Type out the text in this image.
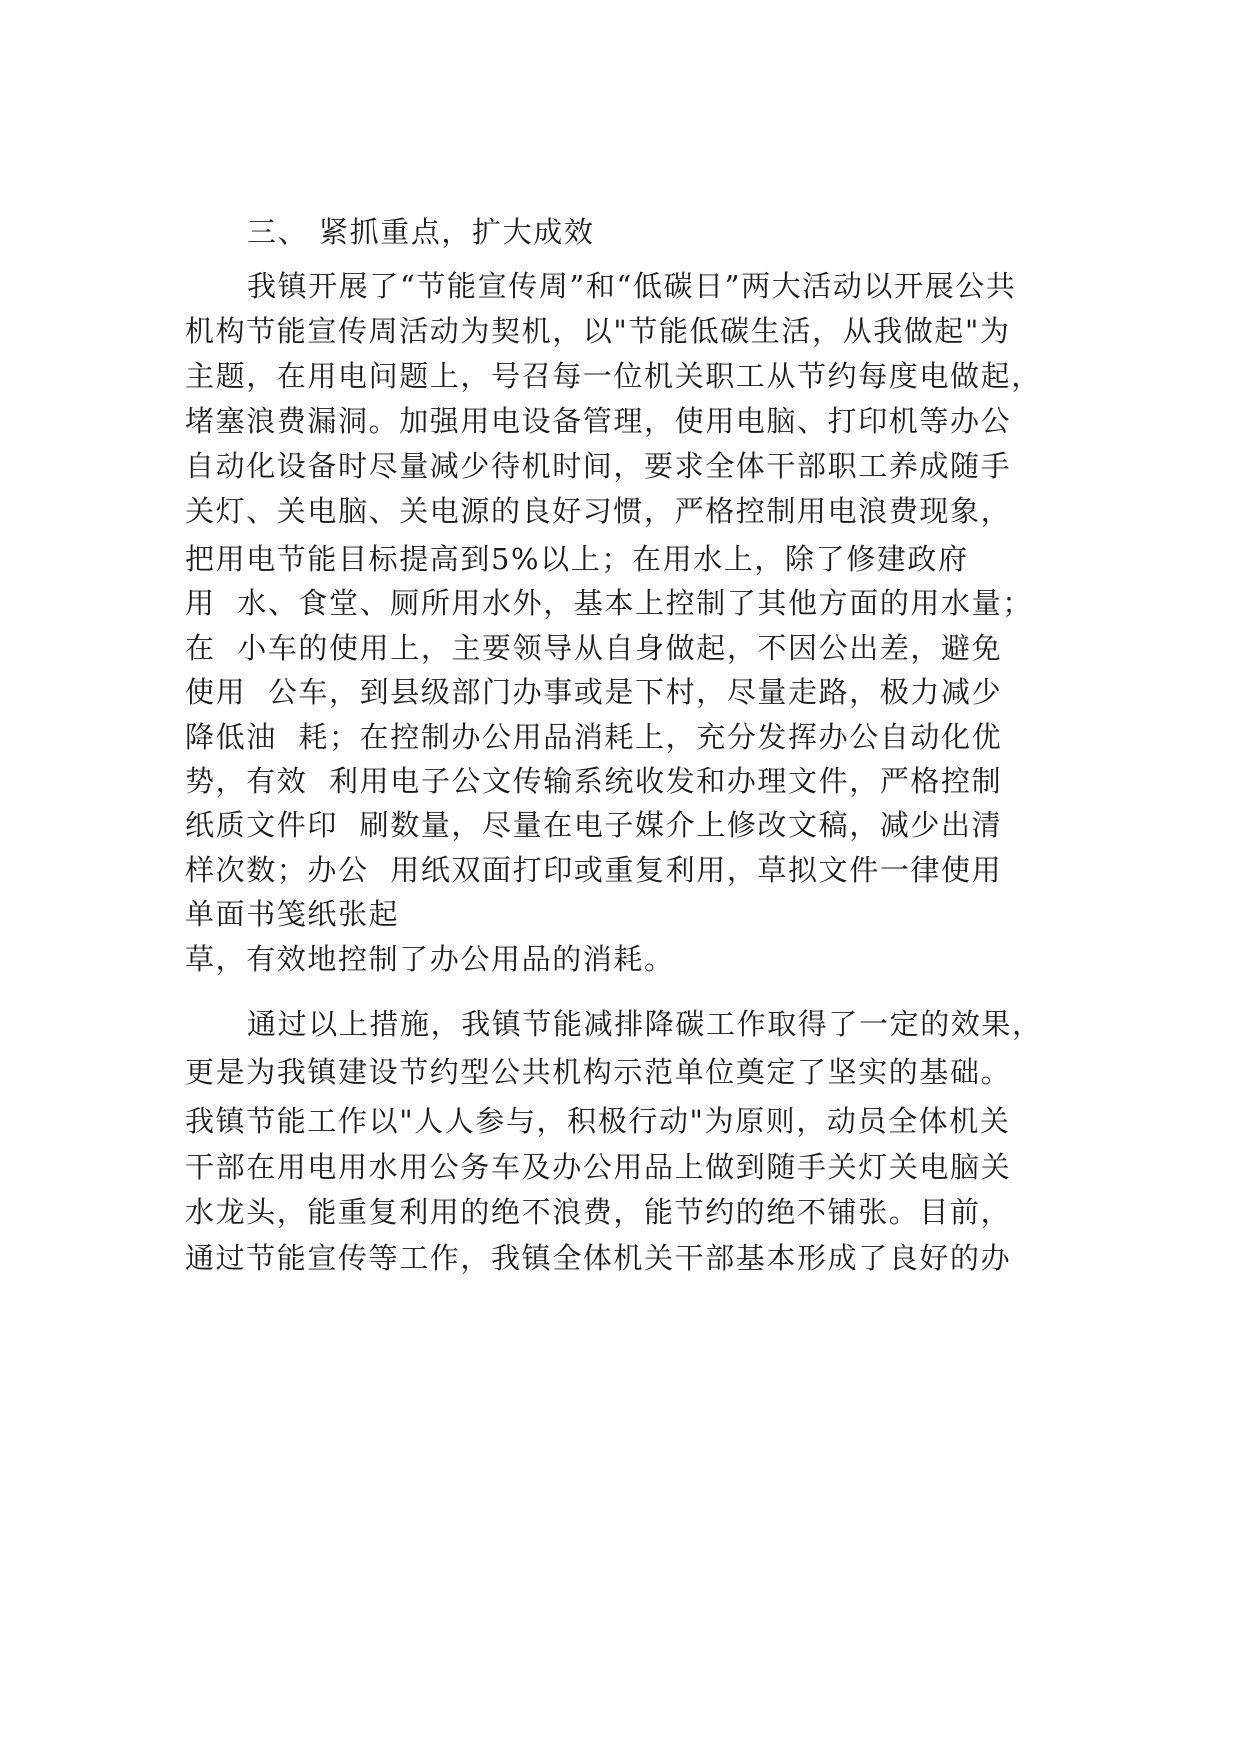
三、 紧抓重点，扩大成效
我镇开展了“节能宣传周”和“低碳日”两大活动以开展公共
机构节能宣传周活动为契机，以"节能低碳生活，从我做起"为
主题，在用电问题上，号召每一位机关职工从节约每度电做起，
堵塞浪费漏洞。加强用电设备管理，使用电脑、打印机等办公
自动化设备时尽量减少待机时间，要求全体干部职工养成随手
关灯、关电脑、关电源的良好习惯，严格控制用电浪费现象，
把用电节能目标提高到5%以上；在用水上，除了修建政府
用  水、食堂、厕所用水外，基本上控制了其他方面的用水量；
在  小车的使用上，主要领导从自身做起，不因公出差，避免
使用  公车，到县级部门办事或是下村，尽量走路，极力减少
降低油  耗；在控制办公用品消耗上，充分发挥办公自动化优
势，有效  利用电子公文传输系统收发和办理文件，严格控制
纸质文件印  刷数量，尽量在电子媒介上修改文稿，减少出清
样次数；办公  用纸双面打印或重复利用，草拟文件一律使用
单面书笺纸张起
草，有效地控制了办公用品的消耗。
通过以上措施，我镇节能减排降碳工作取得了一定的效果，
更是为我镇建设节约型公共机构示范单位奠定了坚实的基础。
我镇节能工作以"人人参与，积极行动"为原则，动员全体机关
干部在用电用水用公务车及办公用品上做到随手关灯关电脑关
水龙头，能重复利用的绝不浪费，能节约的绝不铺张。目前，
通过节能宣传等工作，我镇全体机关干部基本形成了良好的办
